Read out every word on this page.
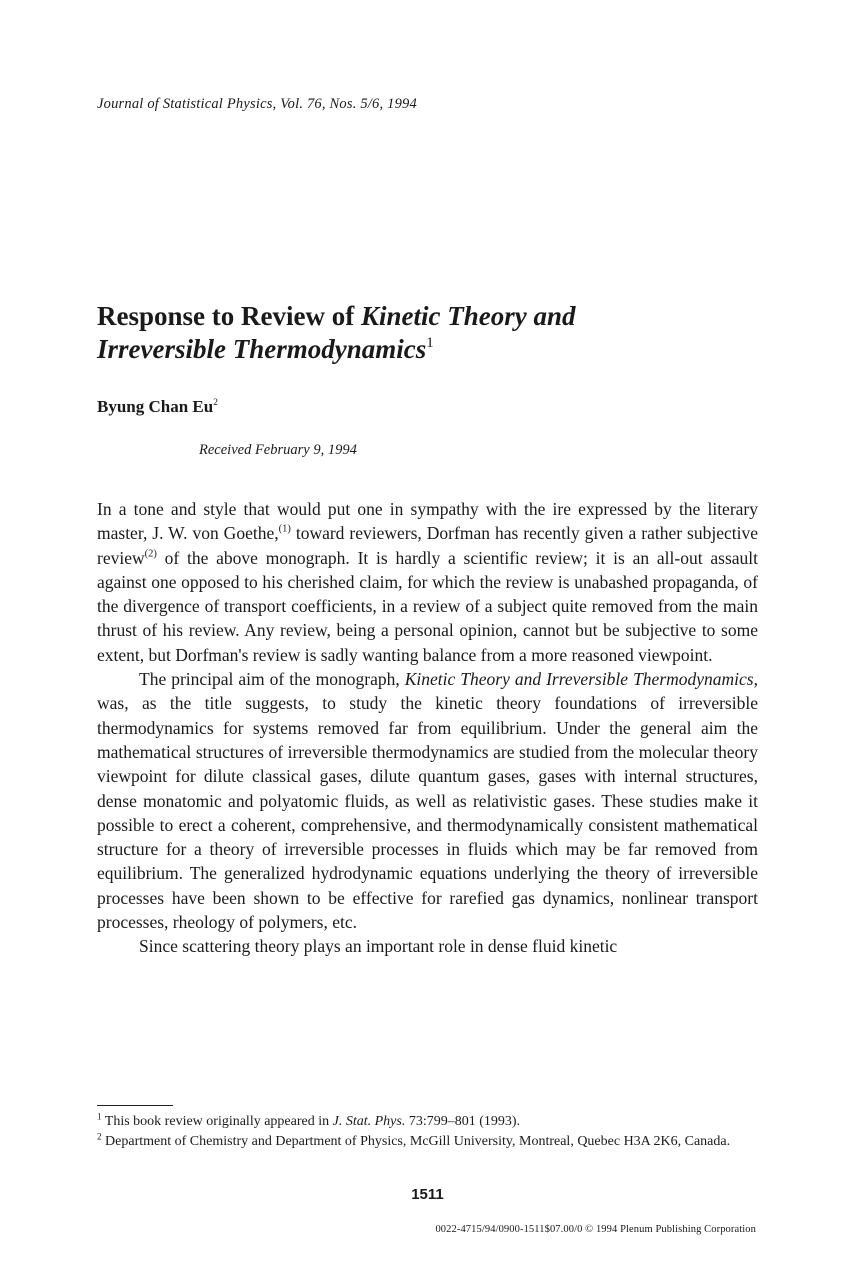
Journal of Statistical Physics, Vol. 76, Nos. 5/6, 1994
Response to Review of Kinetic Theory and
Irreversible Thermodynamics$^1$
Byung Chan Eu$^2$
Received February 9, 1994

In a tone and style that would put one in sympathy with the ire expressed by the literary master, J. W. von Goethe,$^{(1)}$ toward reviewers, Dorfman has recently given a rather subjective review$^{(2)}$ of the above monograph. It is hardly a scientific review; it is an all-out assault against one opposed to his cherished claim, for which the review is unabashed propaganda, of the divergence of transport coefficients, in a review of a subject quite removed from the main thrust of his review. Any review, being a personal opinion, cannot but be subjective to some extent, but Dorfman's review is sadly wanting balance from a more reasoned viewpoint.

The principal aim of the monograph, Kinetic Theory and Irreversible Thermodynamics, was, as the title suggests, to study the kinetic theory foundations of irreversible thermodynamics for systems removed far from equilibrium. Under the general aim the mathematical structures of irreversible thermodynamics are studied from the molecular theory viewpoint for dilute classical gases, dilute quantum gases, gases with internal structures, dense monatomic and polyatomic fluids, as well as relativistic gases. These studies make it possible to erect a coherent, comprehensive, and thermodynamically consistent mathematical structure for a theory of irreversible processes in fluids which may be far removed from equilibrium. The generalized hydrodynamic equations underlying the theory of irreversible processes have been shown to be effective for rarefied gas dynamics, nonlinear transport processes, rheology of polymers, etc.

Since scattering theory plays an important role in dense fluid kinetic

$^1$ This book review originally appeared in J. Stat. Phys. 73:799–801 (1993).
$^2$ Department of Chemistry and Department of Physics, McGill University, Montreal, Quebec H3A 2K6, Canada.
1511
0022-4715/94/0900-1511$07.00/0 © 1994 Plenum Publishing Corporation
